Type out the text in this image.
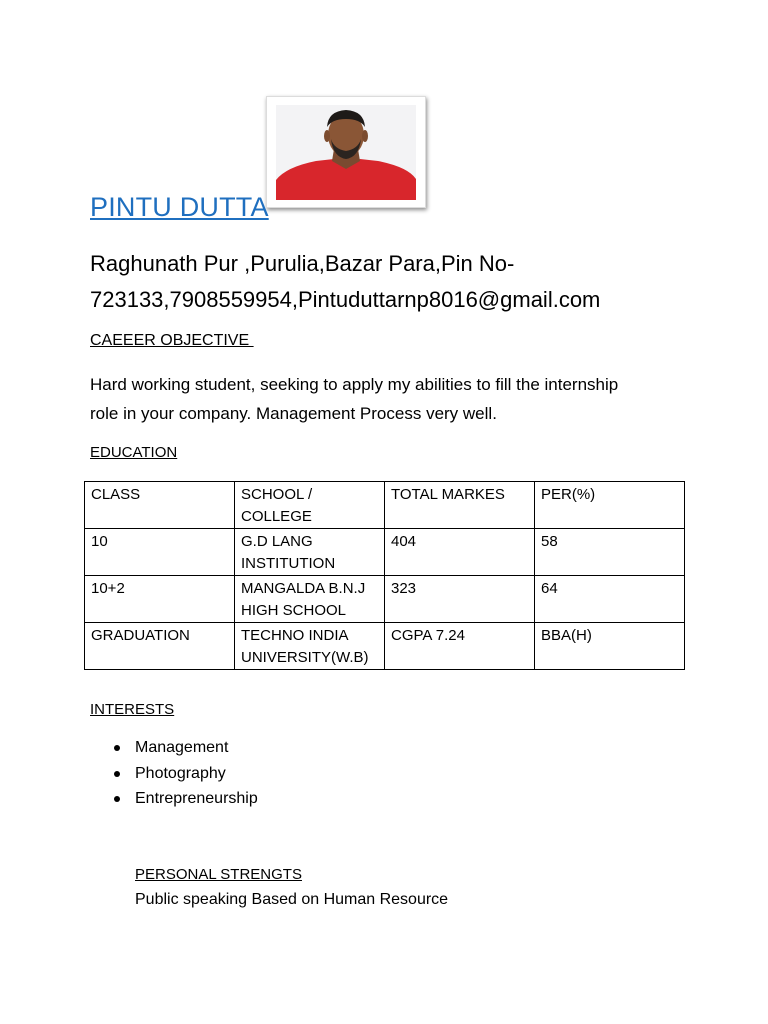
PINTU DUTTA
Raghunath Pur ,Purulia,Bazar Para,Pin No-
723133,7908559954,Pintuduttarnp8016@gmail.com
CAEEER OBJECTIVE
Hard working student, seeking to apply my abilities to fill the internship
role in your company. Management Process very well.
EDUCATION
CLASS	SCHOOL / COLLEGE	TOTAL MARKES	PER(%)
10	G.D LANG INSTITUTION	404	58
10+2	MANGALDA B.N.J HIGH SCHOOL	323	64
GRADUATION	TECHNO INDIA UNIVERSITY(W.B)	CGPA 7.24	BBA(H)
INTERESTS
Management
Photography
Entrepreneurship
PERSONAL STRENGTS
Public speaking Based on Human Resource
